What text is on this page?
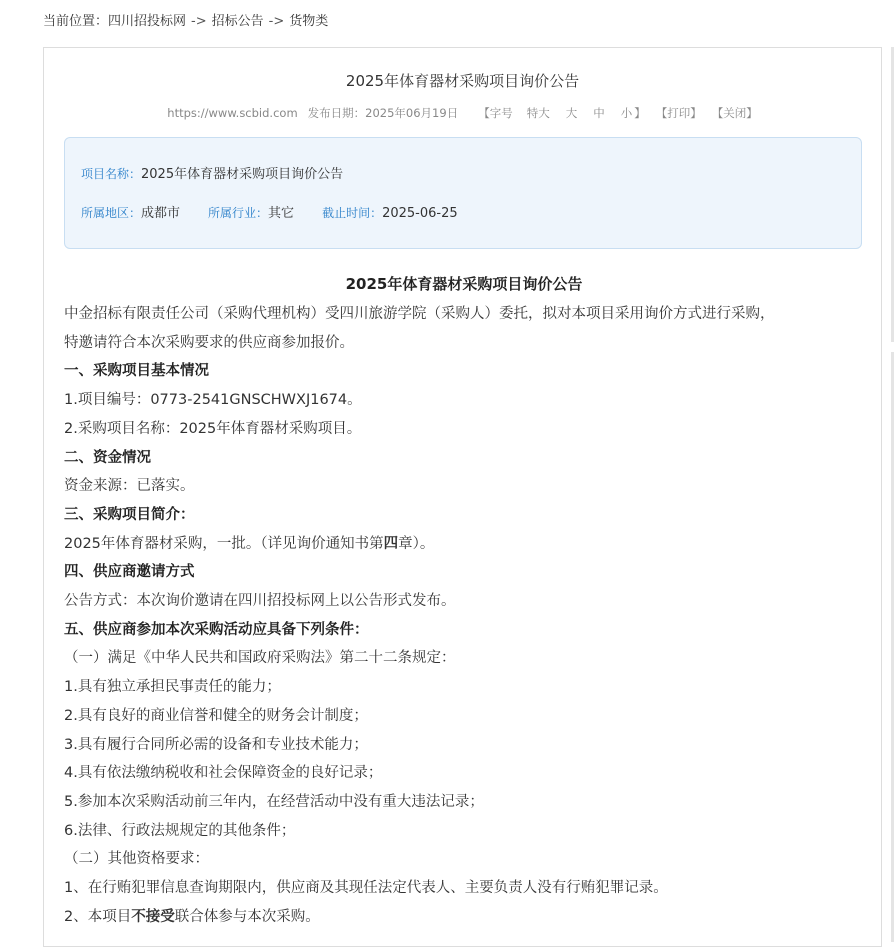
当前位置：四川招投标网 -> 招标公告 -> 货物类
2025年体育器材采购项目询价公告
https://www.scbid.com 发布日期：2025年06月19日 【字号 特大 大 中 小 】 【打印】 【关闭】
项目名称：2025年体育器材采购项目询价公告
所属地区：成都市 所属行业：其它 截止时间：2025-06-25
2025年体育器材采购项目询价公告

中金招标有限责任公司（采购代理机构）受四川旅游学院（采购人）委托，拟对本项目采用询价方式进行采购，

特邀请符合本次采购要求的供应商参加报价。

一、采购项目基本情况

1.项目编号：0773-2541GNSCHWXJ1674。

2.采购项目名称：2025年体育器材采购项目。

二、资金情况

资金来源：已落实。

三、采购项目简介：

2025年体育器材采购，一批。（详见询价通知书第四章）。

四、供应商邀请方式

公告方式：本次询价邀请在四川招投标网上以公告形式发布。

五、供应商参加本次采购活动应具备下列条件：

（一）满足《中华人民共和国政府采购法》第二十二条规定：

1.具有独立承担民事责任的能力；

2.具有良好的商业信誉和健全的财务会计制度；

3.具有履行合同所必需的设备和专业技术能力；

4.具有依法缴纳税收和社会保障资金的良好记录；

5.参加本次采购活动前三年内，在经营活动中没有重大违法记录；

6.法律、行政法规规定的其他条件；

（二）其他资格要求：

1、在行贿犯罪信息查询期限内，供应商及其现任法定代表人、主要负责人没有行贿犯罪记录。

2、本项目不接受联合体参与本次采购。
